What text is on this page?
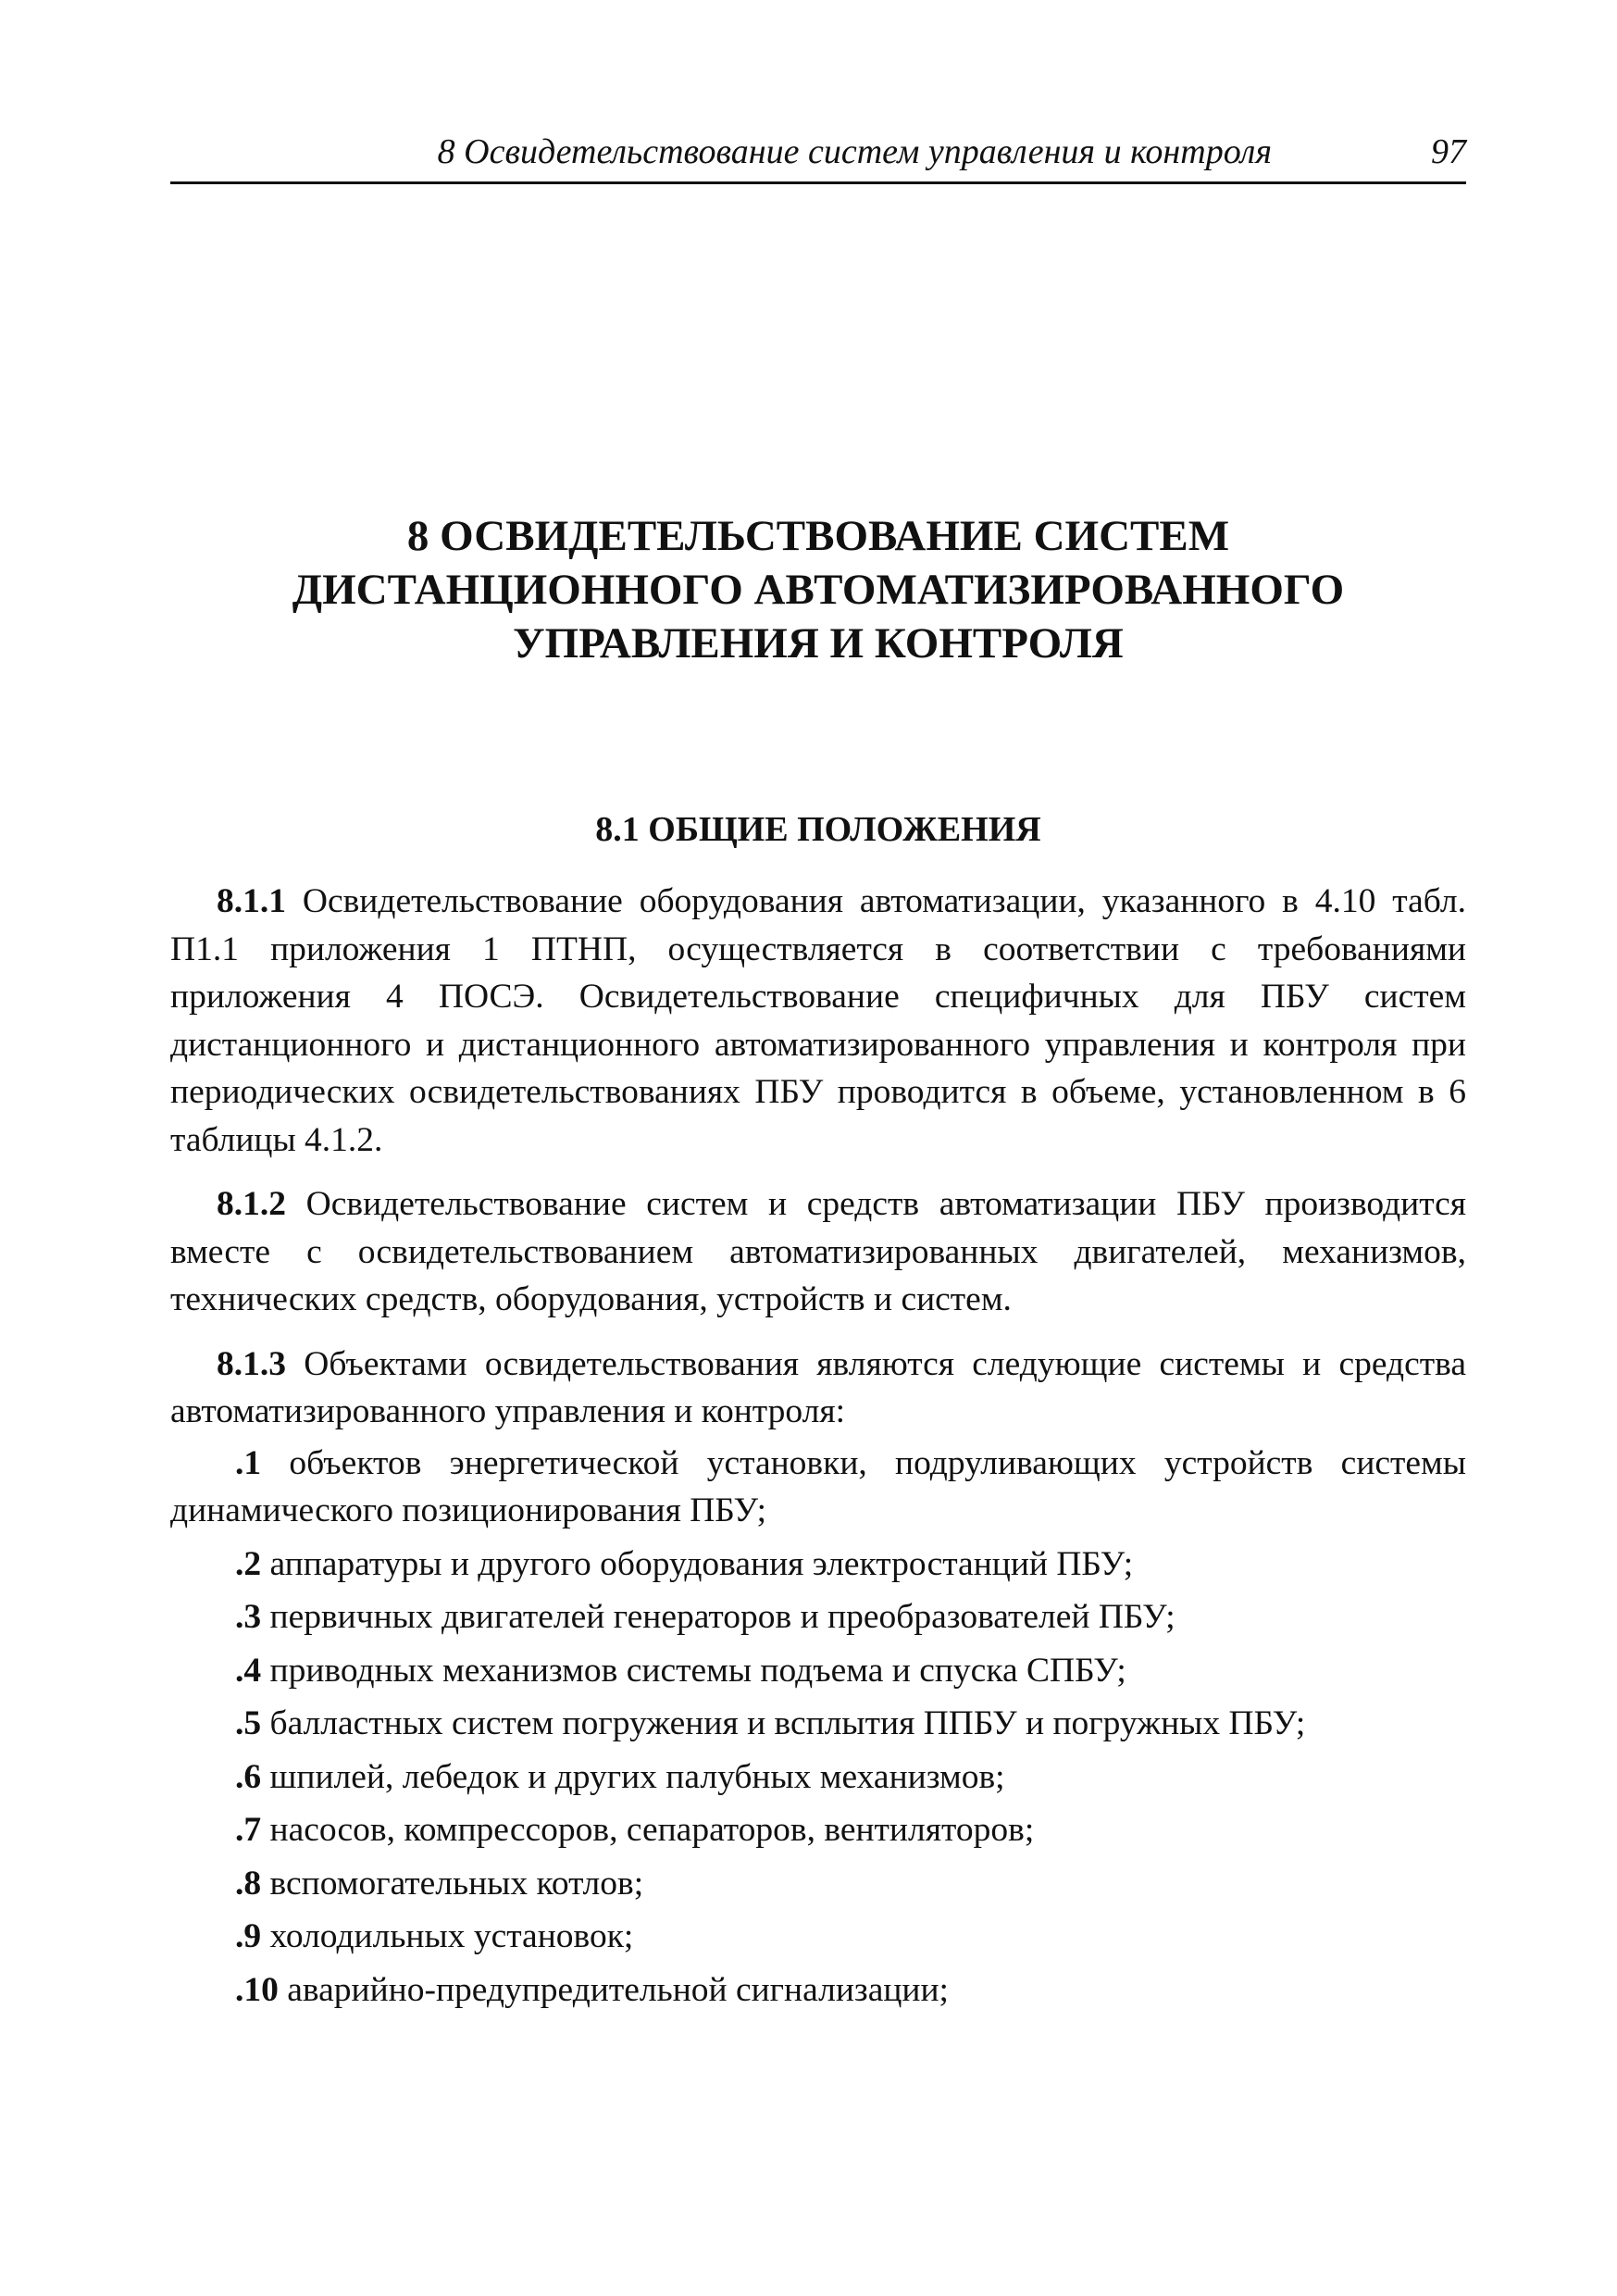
8 Освидетельствование систем управления и контроля	97
8 ОСВИДЕТЕЛЬСТВОВАНИЕ СИСТЕМ
ДИСТАНЦИОННОГО АВТОМАТИЗИРОВАННОГО
УПРАВЛЕНИЯ И КОНТРОЛЯ
8.1 ОБЩИЕ ПОЛОЖЕНИЯ

8.1.1 Освидетельствование оборудования автоматизации, указанного в 4.10 табл. П1.1 приложения 1 ПТНП, осуществляется в соответствии с требованиями приложения 4 ПОСЭ. Освидетельствование специфичных для ПБУ систем дистанционного и дистанционного автоматизированного управления и контроля при периодических освидетельствованиях ПБУ проводится в объеме, установленном в 6 таблицы 4.1.2.

8.1.2 Освидетельствование систем и средств автоматизации ПБУ производится вместе с освидетельствованием автоматизированных двигателей, механизмов, технических средств, оборудования, устройств и систем.

8.1.3 Объектами освидетельствования являются следующие системы и средства автоматизированного управления и контроля:

.1 объектов энергетической установки, подруливающих устройств системы динамического позиционирования ПБУ;

.2 аппаратуры и другого оборудования электростанций ПБУ;

.3 первичных двигателей генераторов и преобразователей ПБУ;

.4 приводных механизмов системы подъема и спуска СПБУ;

.5 балластных систем погружения и всплытия ППБУ и погружных ПБУ;

.6 шпилей, лебедок и других палубных механизмов;

.7 насосов, компрессоров, сепараторов, вентиляторов;

.8 вспомогательных котлов;

.9 холодильных установок;

.10 аварийно-предупредительной сигнализации;
